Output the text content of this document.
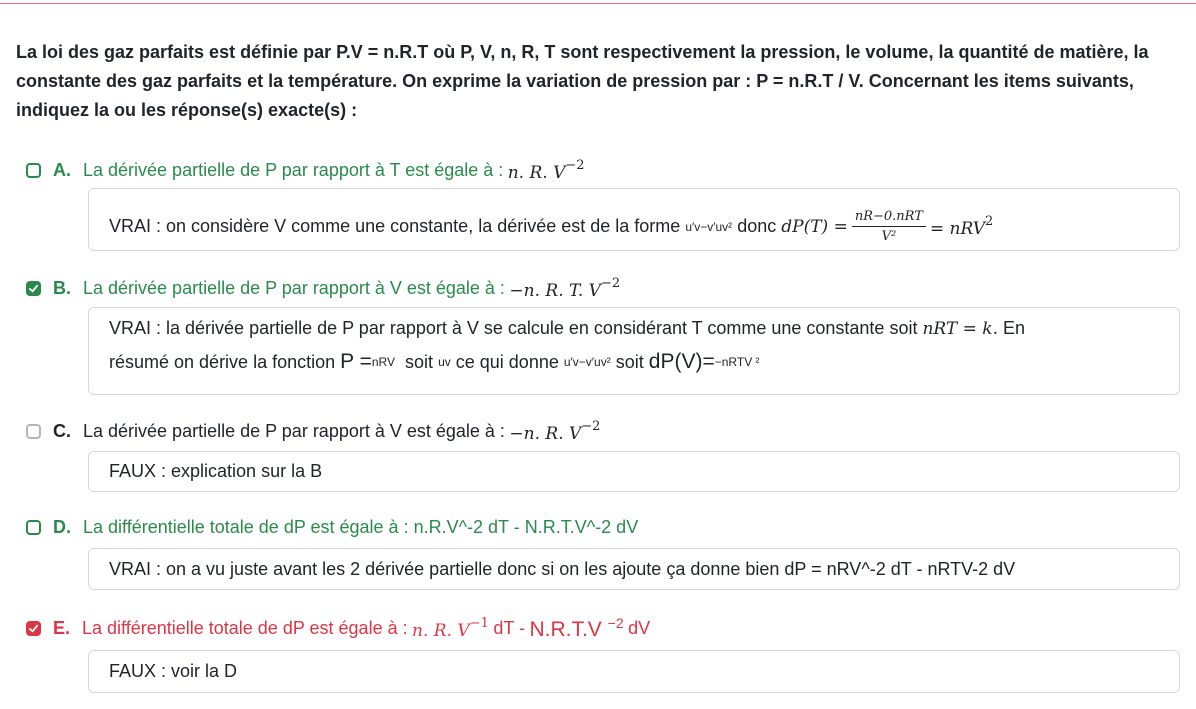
La loi des gaz parfaits est définie par P.V = n.R.T où P, V, n, R, T sont respectivement la pression, le volume, la quantité de matière, la constante des gaz parfaits et la température. On exprime la variation de pression par : P = n.R.T / V. Concernant les items suivants, indiquez la ou les réponse(s) exacte(s) :

A. La dérivée partielle de P par rapport à T est égale à :
n. R. $V^{-2}$
VRAI : on considère V comme une constante, la dérivée est de la forme
u′v−v′uv²
donc
$dP(T) = \frac{\text{nR−0.nRT}}{\text{V²}} = nRV^2$
B. La dérivée partielle de P par rapport à V est égale à :
−n. R. T. $V^{-2}$
VRAI : la dérivée partielle de P par rapport à V se calcule en considérant T comme une constante soit
nRT = k.
En
résumé on dérive la fonction
P = nRV
soit
uv
ce qui donne
u′v−v′uv²
soit
dP(V)= −nRTV ²
C. La dérivée partielle de P par rapport à V est égale à :
−n. R. $V^{-2}$
FAUX : explication sur la B
D. La différentielle totale de dP est égale à : n.R.V^-2 dT - N.R.T.V^-2 dV
VRAI : on a vu juste avant les 2 dérivée partielle donc si on les ajoute ça donne bien dP = nRV^-2 dT - nRTV-2 dV
E. La différentielle totale de dP est égale à :
n. R. $V^{-1}$
dT -
N.R.T.V $^{-2}$
dV
FAUX : voir la D
